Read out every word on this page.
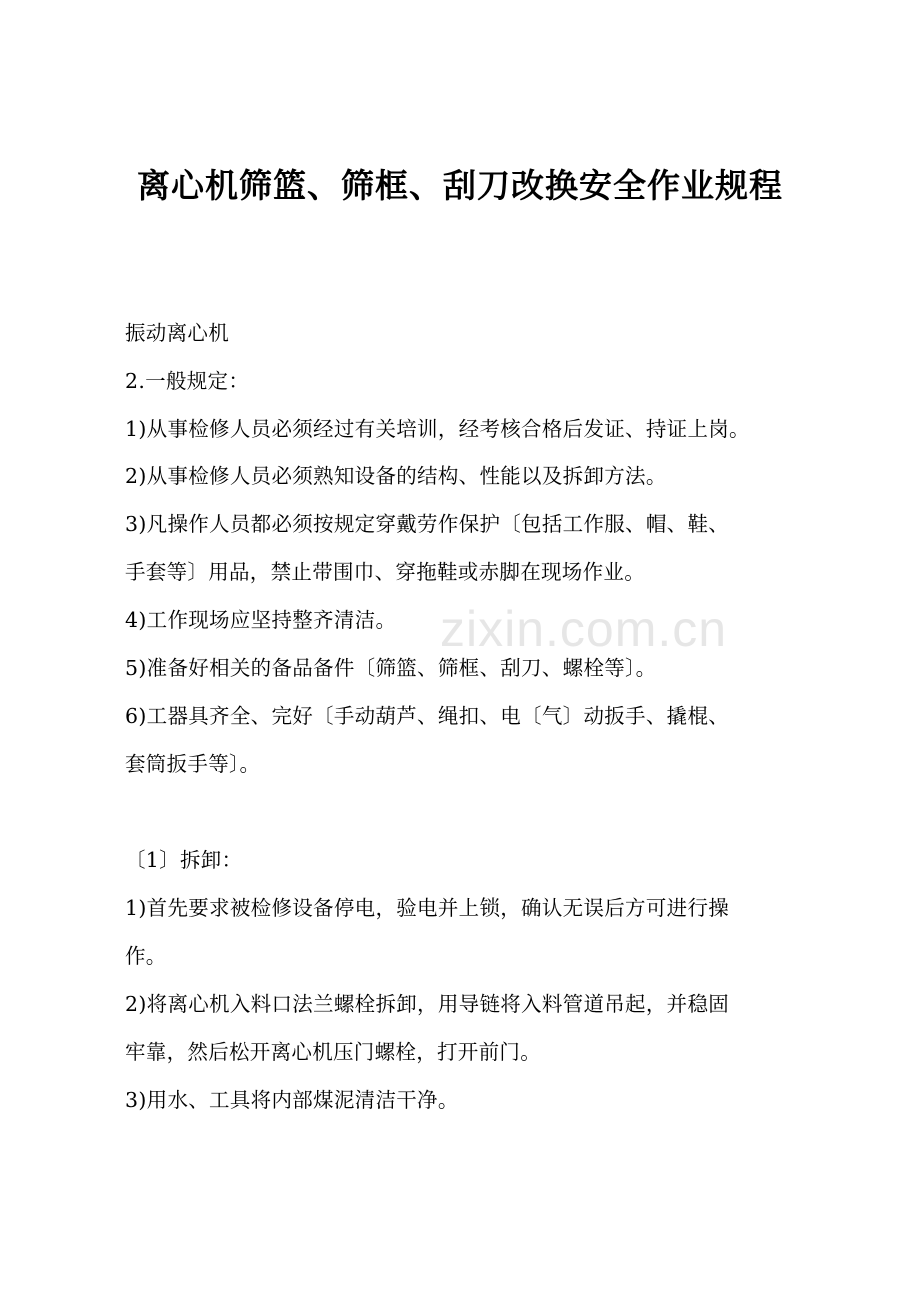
zixin.com.cn
离心机筛篮、筛框、刮刀改换安全作业规程
振动离心机
2.一般规定：
1)从事检修人员必须经过有关培训，经考核合格后发证、持证上岗。
2)从事检修人员必须熟知设备的结构、性能以及拆卸方法。
3)凡操作人员都必须按规定穿戴劳作保护〔包括工作服、帽、鞋、
手套等〕用品，禁止带围巾、穿拖鞋或赤脚在现场作业。
4)工作现场应坚持整齐清洁。
5)准备好相关的备品备件〔筛篮、筛框、刮刀、螺栓等〕。
6)工器具齐全、完好〔手动葫芦、绳扣、电〔气〕动扳手、撬棍、
套筒扳手等〕。
〔1〕拆卸：
1)首先要求被检修设备停电，验电并上锁，确认无误后方可进行操
作。
2)将离心机入料口法兰螺栓拆卸，用导链将入料管道吊起，并稳固
牢靠，然后松开离心机压门螺栓，打开前门。
3)用水、工具将内部煤泥清洁干净。
